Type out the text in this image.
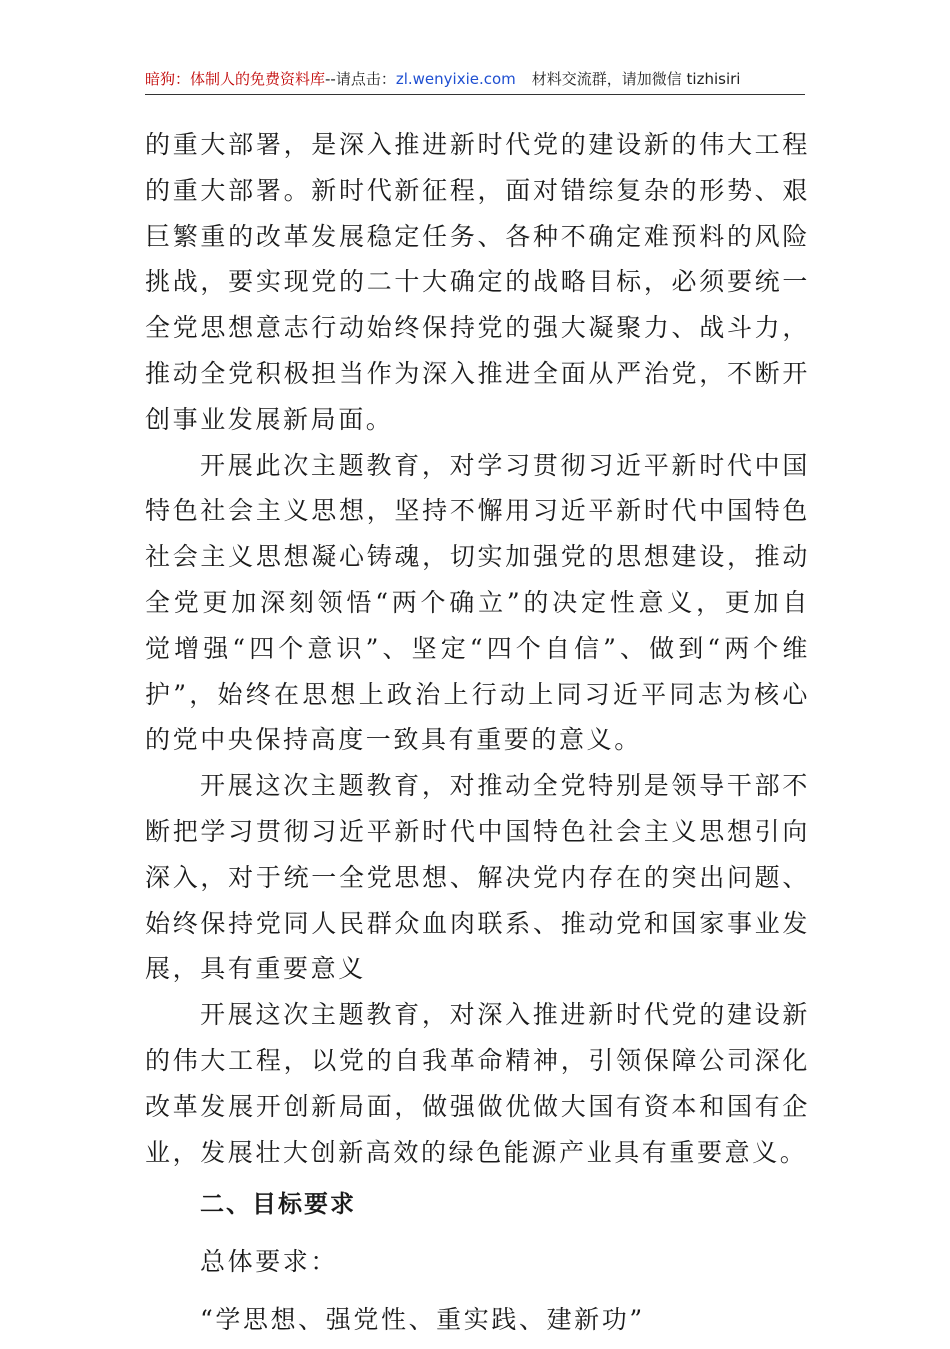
暗狗：体制人的免费资料库--请点击：zl.wenyixie.com 材料交流群，请加微信 tizhisiri

的重大部署，是深入推进新时代党的建设新的伟大工程的重大部署。新时代新征程，面对错综复杂的形势、艰巨繁重的改革发展稳定任务、各种不确定难预料的风险挑战，要实现党的二十大确定的战略目标，必须要统一全党思想意志行动始终保持党的强大凝聚力、战斗力，推动全党积极担当作为深入推进全面从严治党，不断开创事业发展新局面。

开展此次主题教育，对学习贯彻习近平新时代中国特色社会主义思想，坚持不懈用习近平新时代中国特色社会主义思想凝心铸魂，切实加强党的思想建设，推动全党更加深刻领悟“两个确立”的决定性意义，更加自觉增强“四个意识”、坚定“四个自信”、做到“两个维护”，始终在思想上政治上行动上同习近平同志为核心的党中央保持高度一致具有重要的意义。

开展这次主题教育，对推动全党特别是领导干部不断把学习贯彻习近平新时代中国特色社会主义思想引向深入，对于统一全党思想、解决党内存在的突出问题、始终保持党同人民群众血肉联系、推动党和国家事业发展，具有重要意义

开展这次主题教育，对深入推进新时代党的建设新的伟大工程，以党的自我革命精神，引领保障公司深化改革发展开创新局面，做强做优做大国有资本和国有企业，发展壮大创新高效的绿色能源产业具有重要意义。

二、目标要求

总体要求：

“学思想、强党性、重实践、建新功”
